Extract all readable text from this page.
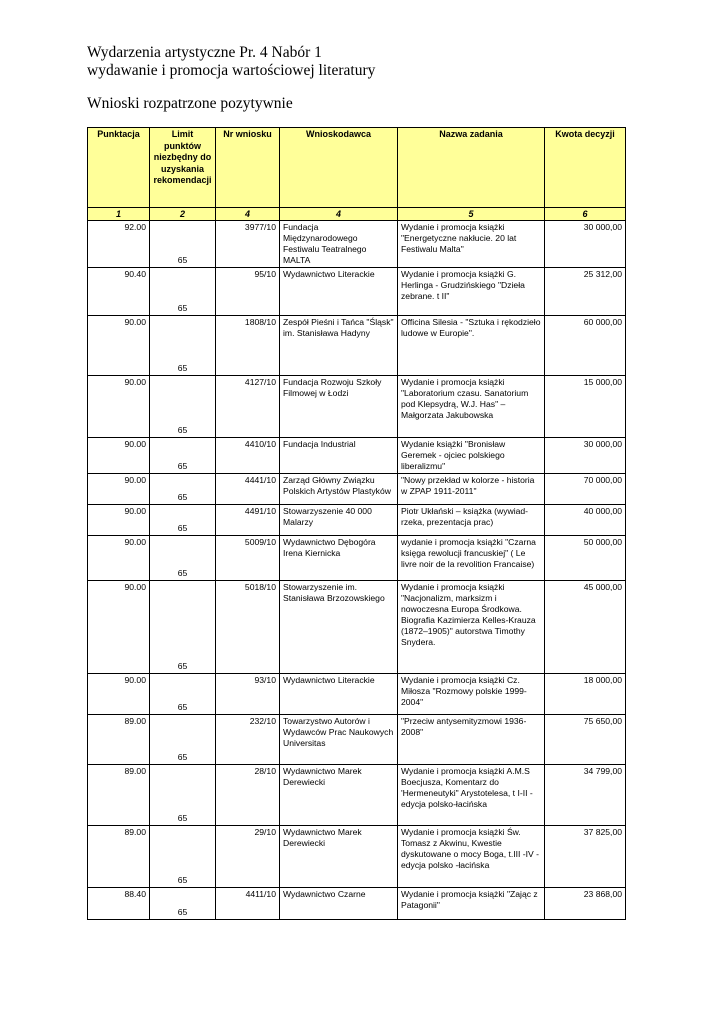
Wydarzenia artystyczne Pr. 4 Nabór 1
wydawanie i promocja wartościowej literatury
Wnioski rozpatrzone pozytywnie
Punktacja	Limit punktów niezbędny do uzyskania rekomendacji	Nr wniosku	Wnioskodawca	Nazwa zadania	Kwota decyzji
1	2	4	4	5	6
92.00	65	3977/10	Fundacja Międzynarodowego Festiwalu Teatralnego MALTA	Wydanie i promocja książki "Energetyczne nakłucie. 20 lat Festiwalu Malta"	30 000,00
90.40	65	95/10	Wydawnictwo Literackie	Wydanie i promocja książki G. Herlinga - Grudzińskiego "Dzieła zebrane. t II"	25 312,00
90.00	65	1808/10	Zespół Pieśni i Tańca "Śląsk" im. Stanisława Hadyny	Officina Silesia - "Sztuka i rękodzieło ludowe w Europie".	60 000,00
90.00	65	4127/10	Fundacja Rozwoju Szkoły Filmowej w Łodzi	Wydanie i promocja książki "Laboratorium czasu. Sanatorium pod Klepsydrą, W.J. Has" – Małgorzata Jakubowska	15 000,00
90.00	65	4410/10	Fundacja Industrial	Wydanie książki "Bronisław Geremek - ojciec polskiego liberalizmu"	30 000,00
90.00	65	4441/10	Zarząd Główny Związku Polskich Artystów Plastyków	"Nowy przekład w kolorze - historia w ZPAP 1911-2011"	70 000,00
90.00	65	4491/10	Stowarzyszenie 40 000 Malarzy	Piotr Ukłański – książka (wywiad-rzeka, prezentacja prac)	40 000,00
90.00	65	5009/10	Wydawnictwo Dębogóra Irena Kiernicka	wydanie i promocja książki "Czarna księga rewolucji francuskiej" ( Le livre noir de la revolition Francaise)	50 000,00
90.00	65	5018/10	Stowarzyszenie im. Stanisława Brzozowskiego	Wydanie i promocja książki "Nacjonalizm, marksizm i nowoczesna Europa Środkowa. Biografia Kazimierza Kelles-Krauza (1872–1905)" autorstwa Timothy Snydera.	45 000,00
90.00	65	93/10	Wydawnictwo Literackie	Wydanie i promocja książki Cz. Miłosza "Rozmowy polskie 1999-2004"	18 000,00
89.00	65	232/10	Towarzystwo Autorów i Wydawców Prac Naukowych Universitas	"Przeciw antysemityzmowi 1936-2008"	75 650,00
89.00	65	28/10	Wydawnictwo Marek Derewiecki	Wydanie i promocja książki A.M.S Boecjusza, Komentarz do 'Hermeneutyki" Arystotelesa, t I-II - edycja polsko-łacińska	34 799,00
89.00	65	29/10	Wydawnictwo Marek Derewiecki	Wydanie i promocja książki Św. Tomasz z Akwinu, Kwestie dyskutowane o mocy Boga, t.III -IV - edycja polsko -łacińska	37 825,00
88.40	65	4411/10	Wydawnictwo Czarne	Wydanie i promocja książki "Zając z Patagonii"	23 868,00
